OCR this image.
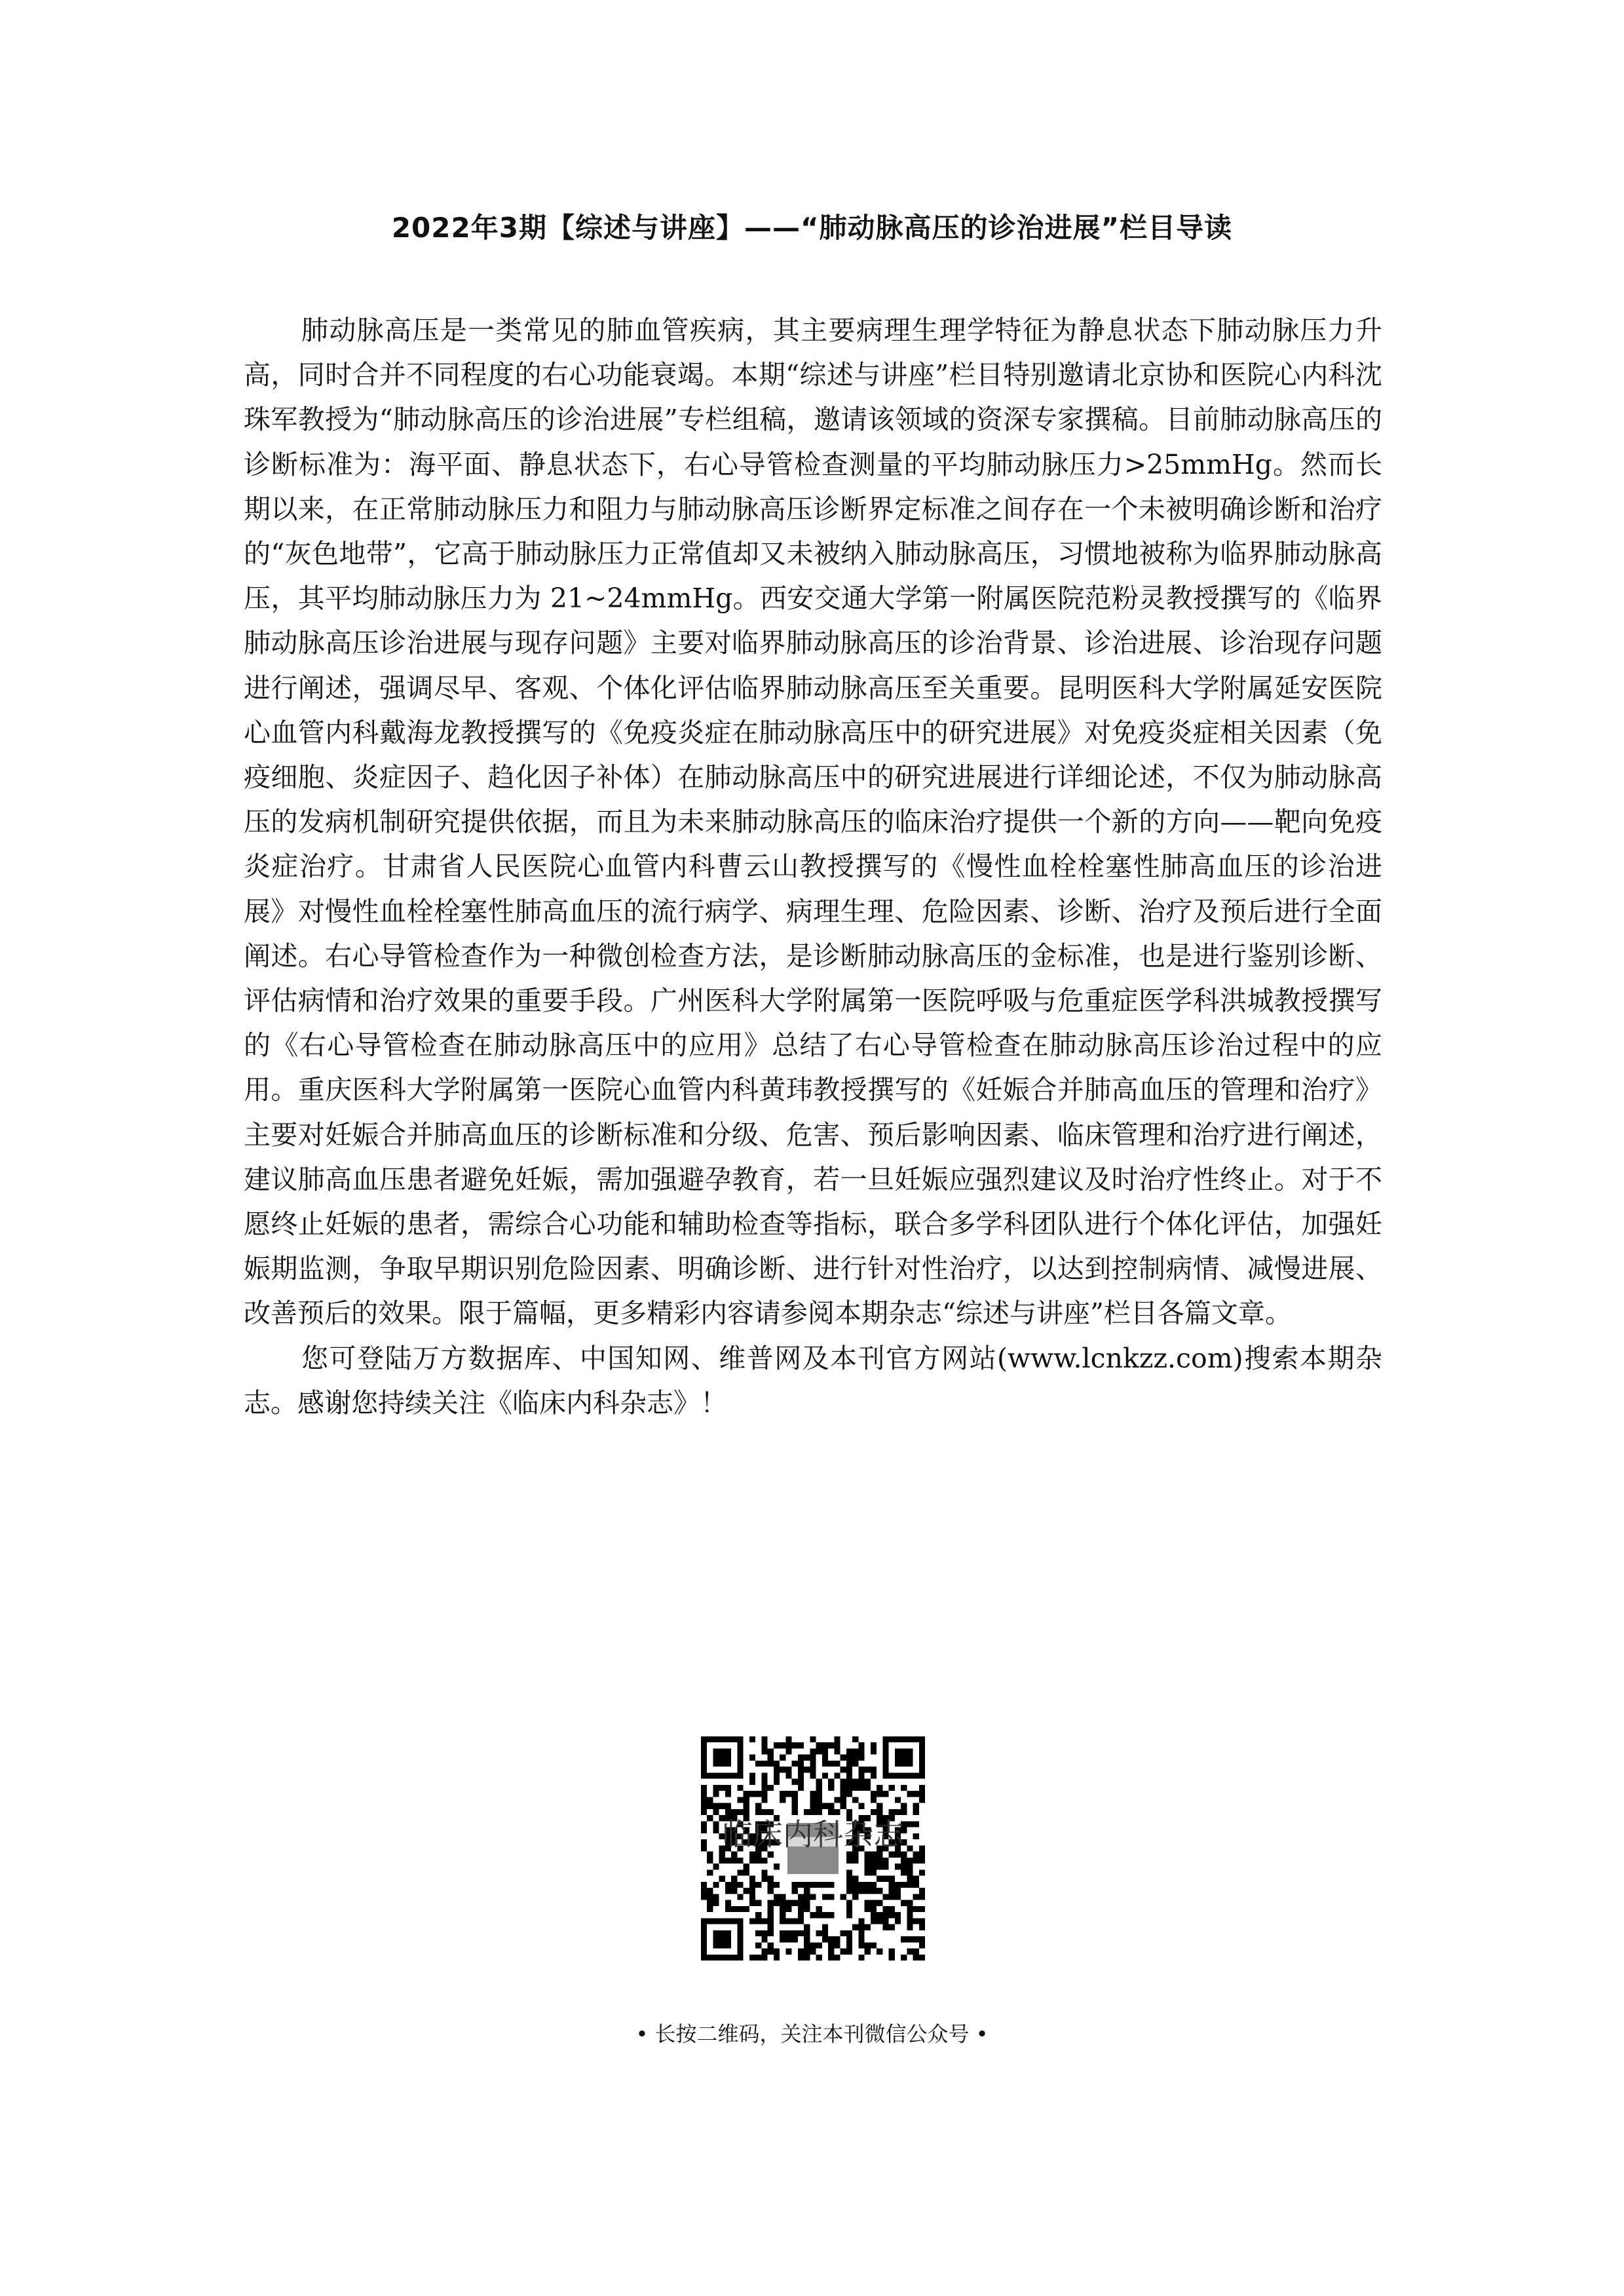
2022年3期【综述与讲座】——“肺动脉高压的诊治进展”栏目导读

肺动脉高压是一类常见的肺血管疾病，其主要病理生理学特征为静息状态下肺动脉压力升高，同时合并不同程度的右心功能衰竭。本期“综述与讲座”栏目特别邀请北京协和医院心内科沈珠军教授为“肺动脉高压的诊治进展”专栏组稿，邀请该领域的资深专家撰稿。目前肺动脉高压的诊断标准为：海平面、静息状态下，右心导管检查测量的平均肺动脉压力>25mmHg。然而长期以来，在正常肺动脉压力和阻力与肺动脉高压诊断界定标准之间存在一个未被明确诊断和治疗的“灰色地带”，它高于肺动脉压力正常值却又未被纳入肺动脉高压，习惯地被称为临界肺动脉高压，其平均肺动脉压力为 21~24mmHg。西安交通大学第一附属医院范粉灵教授撰写的《临界肺动脉高压诊治进展与现存问题》主要对临界肺动脉高压的诊治背景、诊治进展、诊治现存问题进行阐述，强调尽早、客观、个体化评估临界肺动脉高压至关重要。昆明医科大学附属延安医院心血管内科戴海龙教授撰写的《免疫炎症在肺动脉高压中的研究进展》对免疫炎症相关因素（免疫细胞、炎症因子、趋化因子补体）在肺动脉高压中的研究进展进行详细论述，不仅为肺动脉高压的发病机制研究提供依据，而且为未来肺动脉高压的临床治疗提供一个新的方向——靶向免疫炎症治疗。甘肃省人民医院心血管内科曹云山教授撰写的《慢性血栓栓塞性肺高血压的诊治进展》对慢性血栓栓塞性肺高血压的流行病学、病理生理、危险因素、诊断、治疗及预后进行全面阐述。右心导管检查作为一种微创检查方法，是诊断肺动脉高压的金标准，也是进行鉴别诊断、评估病情和治疗效果的重要手段。广州医科大学附属第一医院呼吸与危重症医学科洪城教授撰写的《右心导管检查在肺动脉高压中的应用》总结了右心导管检查在肺动脉高压诊治过程中的应用。重庆医科大学附属第一医院心血管内科黄玮教授撰写的《妊娠合并肺高血压的管理和治疗》主要对妊娠合并肺高血压的诊断标准和分级、危害、预后影响因素、临床管理和治疗进行阐述，建议肺高血压患者避免妊娠，需加强避孕教育，若一旦妊娠应强烈建议及时治疗性终止。对于不愿终止妊娠的患者，需综合心功能和辅助检查等指标，联合多学科团队进行个体化评估，加强妊娠期监测，争取早期识别危险因素、明确诊断、进行针对性治疗，以达到控制病情、减慢进展、改善预后的效果。限于篇幅，更多精彩内容请参阅本期杂志“综述与讲座”栏目各篇文章。

您可登陆万方数据库、中国知网、维普网及本刊官方网站(www.lcnkzz.com)搜索本期杂志。感谢您持续关注《临床内科杂志》！

临床内科杂志
• 长按二维码，关注本刊微信公众号 •
